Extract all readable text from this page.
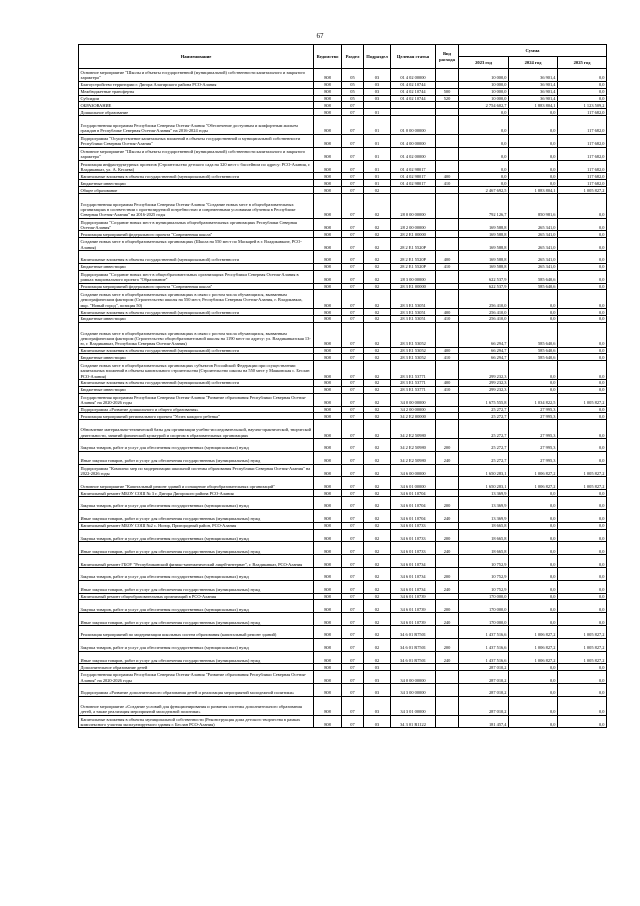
67
Наименование	Ведомство	Раздел	Подраздел	Целевая статья	Вид расхода	Сумма		
						2023 год	2024 год	2025 год
Основное мероприятие "Школы и объекты государственной (муниципальной) собственности капитального и закрытого характера"	808	05	03	01 4 02 00000		10 000,0	36 901,4	0,0
Благоустройство территории г. Дигора Алагирского района РСО-Алания	808	05	03	01 4 02 10744		10 000,0	36 901,4	0,0
Межбюджетные трансферты	808	05	03	01 4 02 10744	500	10 000,0	36 901,4	0,0
Субсидии	808	05	03	01 4 02 10744	520	10 000,0	36 901,4	0,0
ОБРАЗОВАНИЕ	808	07				2 754 602,7	1 883 804,1	1 123 509,2
Дошкольное образование	808	07	01			0,0	0,0	117 682,0
Государственная программа Республики Северная Осетия-Алания "Обеспечение доступным и комфортным жильем граждан в Республике Северная Осетия-Алания" на 2016-2024 годы	808	07	01	01 0 00 00000		0,0	0,0	117 682,0
Подпрограмма "Осуществление капитальных вложений в объекты государственной и муниципальной собственности Республики Северная Осетия-Алания"	808	07	01	01 4 00 00000		0,0	0,0	117 682,0
Основное мероприятие "Школы и объекты государственной (муниципальной) собственности капитального и закрытого характера"	808	07	01	01 4 02 00000		0,0	0,0	117 682,0
Реализация инфраструктурных проектов (Строительство детского сада на 320 мест с бассейном по адресу: РСО-Алания, г. Владикавказ, ул. А. Кесаева)	808	07	01	01 4 02 98017		0,0	0,0	117 682,0
Капитальные вложения в объекты государственной (муниципальной) собственности	808	07	01	01 4 02 98017	400	0,0	0,0	117 682,0
Бюджетные инвестиции	808	07	01	01 4 02 98017	410	0,0	0,0	117 682,0
Общее образование	808	07	02			2 467 692,5	1 883 804,1	1 005 827,2
Государственная программа Республики Северная Осетия-Алания "Создание новых мест в общеобразовательных организациях в соответствии с прогнозируемой потребностью и современными условиями обучения в Республике Северная Осетия-Алания" на 2016-2025 годы	808	07	02	28 0 00 00000		792 126,7	850 981,6	0,0
Подпрограмма "Создание новых мест в муниципальных общеобразовательных организациях Республики Северная Осетия-Алания"	808	07	02	28 2 00 00000		169 588,8	265 341,0	0,0
Реализация мероприятий федерального проекта "Современная школа"	808	07	02	28 2 E1 00000		169 588,8	265 341,0	0,0
Создание новых мест в общеобразовательных организациях (Школа на 550 мест по Маскарей в г. Владикавказе, РСО-Алания)	808	07	02	28 2 E1 5520P		169 588,8	265 341,0	0,0
Капитальные вложения в объекты государственной (муниципальной) собственности	808	07	02	28 2 E1 5520P	400	169 588,8	265 341,0	0,0
Бюджетные инвестиции	808	07	02	28 2 E1 5520P	410	169 588,8	265 341,0	0,0
Подпрограмма "Создание новых мест в общеобразовательных организациях Республики Северная Осетия-Алания в рамках национального проекта "Образование"	808	07	02	28 3 00 00000		622 537,9	585 640,6	0,0
Реализация мероприятий федерального проекта "Современная школа"	808	07	02	28 3 E1 00000		622 537,9	585 640,6	0,0
Создание новых мест в общеобразовательных организациях в связи с ростом числа обучающихся, вызванным демографическим фактором (Строительство школы на 550 мест, Республика Северная Осетия-Алания, г. Владикавказ, мкр. "Новый город", позиция 50)	808	07	02	28 3 E1 53051		256 410,0	0,0	0,0
Капитальные вложения в объекты государственной (муниципальной) собственности	808	07	02	28 3 E1 53051	400	256 410,0	0,0	0,0
Бюджетные инвестиции	808	07	02	28 3 E1 53051	410	256 410,0	0,0	0,0
Создание новых мест в общеобразовательных организациях в связи с ростом числа обучающихся, вызванным демографическим фактором (Строительство общеобразовательной школы на 1190 мест по адресу: ул. Владикавказская 13-ю, г. Владикавказ, Республика Северная Осетия-Алания)	808	07	02	28 3 E1 53052		66 294,7	585 640,6	0,0
Капитальные вложения в объекты государственной (муниципальной) собственности	808	07	02	28 3 E1 53052	400	66 294,7	585 640,6	0,0
Бюджетные инвестиции	808	07	02	28 3 E1 53052	410	66 294,7	585 640,6	0,0
Создание новых мест в общеобразовательных организациях субъектов Российской Федерации при осуществлении капитальных вложений в объекты капитального строительства (Строительство школы на 550 мест у Маяковская с. Беслан РСО-Алания)	808	07	02	28 3 E1 53771		299 232,3	0,0	0,0
Капитальные вложения в объекты государственной (муниципальной) собственности	808	07	02	28 3 E1 53771	400	299 232,3	0,0	0,0
Бюджетные инвестиции	808	07	02	28 3 E1 53771	410	299 232,3	0,0	0,0
Государственная программа Республики Северная Осетия-Алания "Развитие образования Республики Северная Осетия-Алания" на 2020-2026 годы	808	07	02	34 0 00 00000		1 675 555,8	1 034 822,5	1 005 827,2
Подпрограмма «Развитие дошкольного и общего образования»	808	07	02	34 2 00 00000		25 272,7	27 995,3	0,0
Реализация мероприятий регионального проекта "Успех каждого ребенка"	808	07	02	34 2 E2 00000		25 272,7	27 995,3	0,0
Обновление материально-технической базы для организации учебно-исследовательской, научно-практической, творческой деятельности, занятий физической культурой и спортом в образовательных организациях	808	07	02	34 2 E2 50980		25 272,7	27 995,3	0,0
Закупка товаров, работ и услуг для обеспечения государственных (муниципальных) нужд	808	07	02	34 2 E2 50980	200	25 272,7	27 995,3	0,0
Иные закупки товаров, работ и услуг для обеспечения государственных (муниципальных) нужд	808	07	02	34 2 E2 50980	240	25 272,7	27 995,3	0,0
Подпрограмма "Комплекс мер по модернизации школьной системы образования Республики Северная Осетия-Алания" на 2022-2026 годы	808	07	02	34 6 00 00000		1 650 283,1	1 006 827,2	1 005 827,2
Основное мероприятие "Капитальный ремонт зданий и оснащение общеобразовательных организаций"	808	07	02	34 6 01 00000		1 650 283,1	1 006 827,2	1 005 827,2
Капитальный ремонт МБОУ СОШ № 3 г. Дигора Дигорского района РСО-Алания	808	07	02	34 6 01 10704		13 369,9	0,0	0,0
Закупка товаров, работ и услуг для обеспечения государственных (муниципальных) нужд	808	07	02	34 6 01 10704	200	13 369,9	0,0	0,0
Иные закупки товаров, работ и услуг для обеспечения государственных (муниципальных) нужд	808	07	02	34 6 01 10704	240	13 369,9	0,0	0,0
Капитальный ремонт МБОУ СОШ №2 с. Ногир, Пригородный район, РСО-Алания	808	07	02	34 6 01 10733		18 665,8	0,0	0,0
Закупка товаров, работ и услуг для обеспечения государственных (муниципальных) нужд	808	07	02	34 6 01 10733	200	18 665,8	0,0	0,0
Иные закупки товаров, работ и услуг для обеспечения государственных (муниципальных) нужд	808	07	02	34 6 01 10733	240	18 665,8	0,0	0,0
Капитальный ремонт ГБОУ "Республиканский физико-математический лицей-интернат", г. Владикавказ, РСО-Алания	808	07	02	34 6 01 10734		10 752,9	0,0	0,0
Закупка товаров, работ и услуг для обеспечения государственных (муниципальных) нужд	808	07	02	34 6 01 10734	200	10 752,9	0,0	0,0
Иные закупки товаров, работ и услуг для обеспечения государственных (муниципальных) нужд	808	07	02	34 6 01 10734	240	10 752,9	0,0	0,0
Капитальный ремонт общеобразовательных организаций в РСО-Алания	808	07	02	34 6 01 10739		170 000,0	0,0	0,0
Закупка товаров, работ и услуг для обеспечения государственных (муниципальных) нужд	808	07	02	34 6 01 10739	200	170 000,0	0,0	0,0
Иные закупки товаров, работ и услуг для обеспечения государственных (муниципальных) нужд	808	07	02	34 6 01 10739	240	170 000,0	0,0	0,0
Реализация мероприятий по модернизации школьных систем образования (капитальный ремонт зданий)	808	07	02	34 6 01 R7501		1 437 516,6	1 006 827,2	1 005 827,2
Закупка товаров, работ и услуг для обеспечения государственных (муниципальных) нужд	808	07	02	34 6 01 R7501	200	1 437 516,6	1 006 827,2	1 005 827,2
Иные закупки товаров, работ и услуг для обеспечения государственных (муниципальных) нужд	808	07	02	34 6 01 R7501	240	1 437 516,6	1 006 827,2	1 005 827,2
Дополнительное образование детей	808	07	03			287 010,2	0,0	0,0
Государственная программа Республики Северная Осетия-Алания "Развитие образования Республики Северная Осетия-Алания" на 2020-2026 годы	808	07	03	34 0 00 00000		287 010,2	0,0	0,0
Подпрограмма «Развитие дополнительного образования детей и реализация мероприятий молодежной политики»	808	07	03	34 3 00 00000		287 010,2	0,0	0,0
Основное мероприятие «Создание условий для функционирования и развития системы дополнительного образования детей, а также реализация мероприятий молодежной политики»	808	07	03	34 3 01 00000		287 010,2	0,0	0,0
Капитальные вложения в объекты муниципальной собственности (Реконструкция дома детского творчества в рамках комплексного участия эксплуатируемого здания г. Беслан РСО-Алания)	808	07	03	34 3 01 R1122		181 457,4	0,0	0,0
